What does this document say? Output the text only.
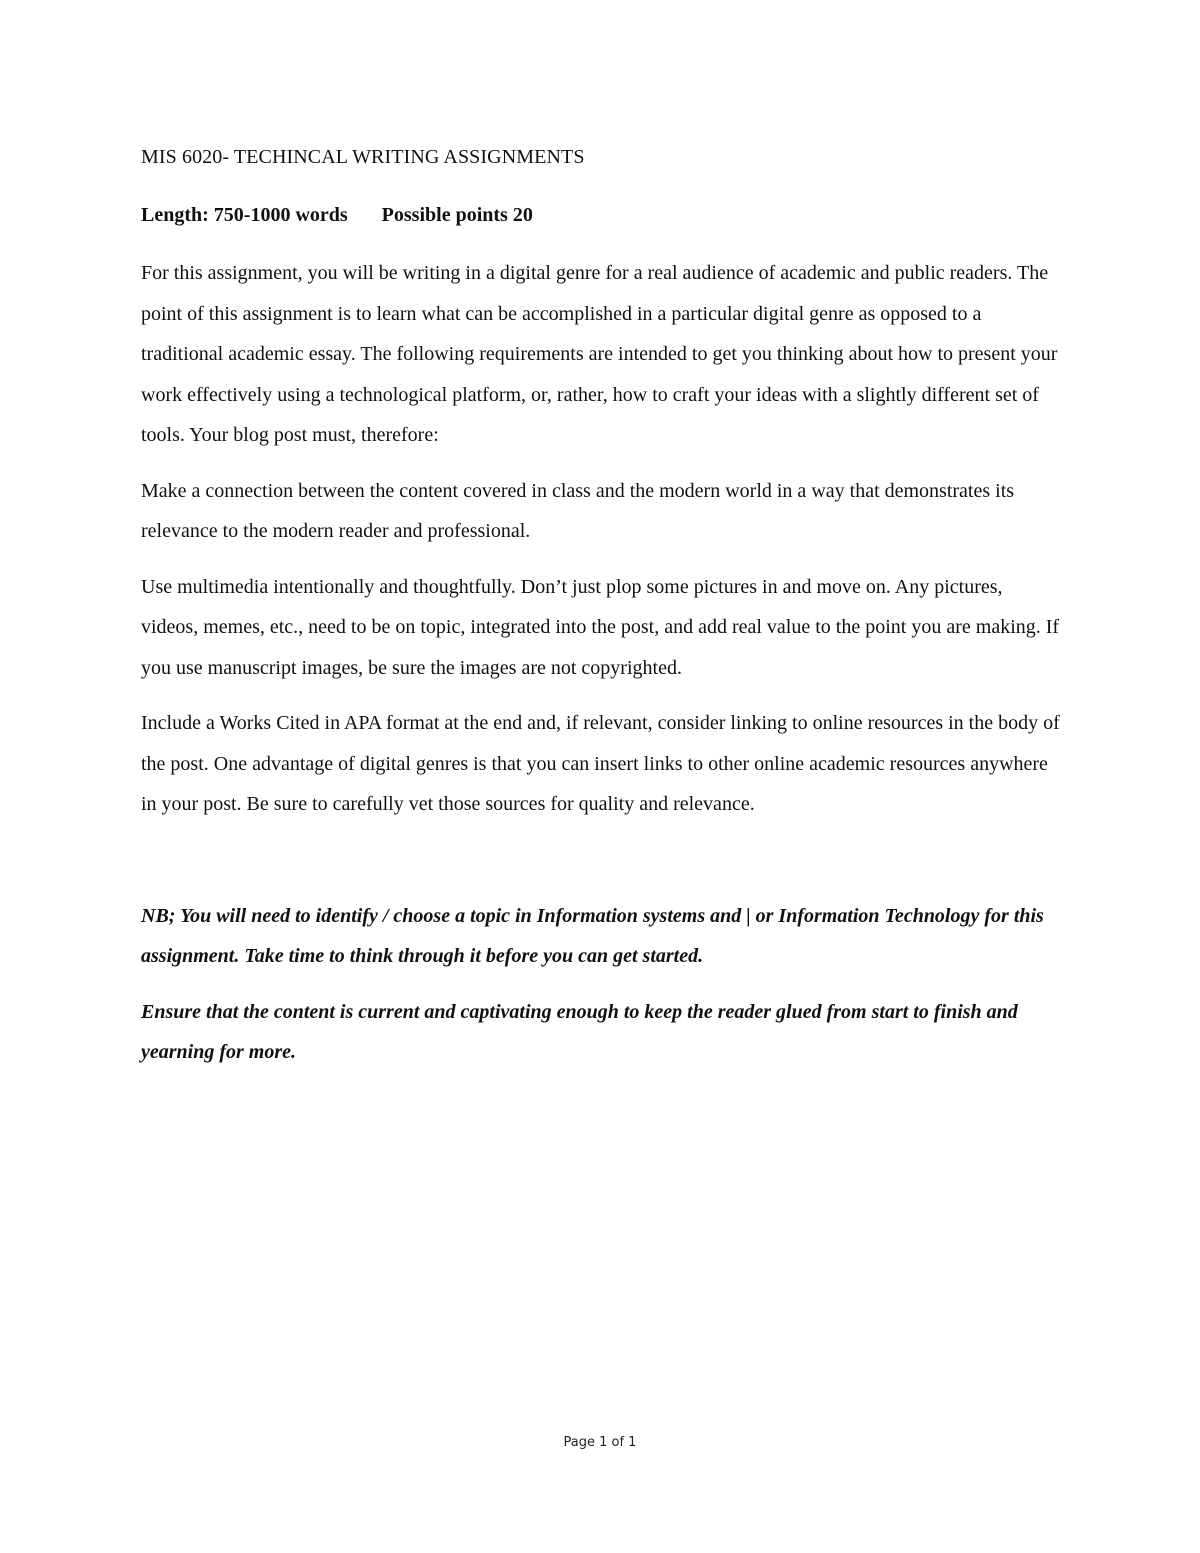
MIS 6020- TECHINCAL WRITING ASSIGNMENTS
Length: 750-1000 words Possible points 20

For this assignment, you will be writing in a digital genre for a real audience of academic and public readers. The point of this assignment is to learn what can be accomplished in a particular digital genre as opposed to a traditional academic essay. The following requirements are intended to get you thinking about how to present your work effectively using a technological platform, or, rather, how to craft your ideas with a slightly different set of tools. Your blog post must, therefore:

Make a connection between the content covered in class and the modern world in a way that demonstrates its relevance to the modern reader and professional.

Use multimedia intentionally and thoughtfully. Don’t just plop some pictures in and move on. Any pictures, videos, memes, etc., need to be on topic, integrated into the post, and add real value to the point you are making. If you use manuscript images, be sure the images are not copyrighted.

Include a Works Cited in APA format at the end and, if relevant, consider linking to online resources in the body of the post. One advantage of digital genres is that you can insert links to other online academic resources anywhere in your post. Be sure to carefully vet those sources for quality and relevance.

NB; You will need to identify / choose a topic in Information systems and | or Information Technology for this assignment. Take time to think through it before you can get started.

Ensure that the content is current and captivating enough to keep the reader glued from start to finish and yearning for more.

Page 1 of 1
